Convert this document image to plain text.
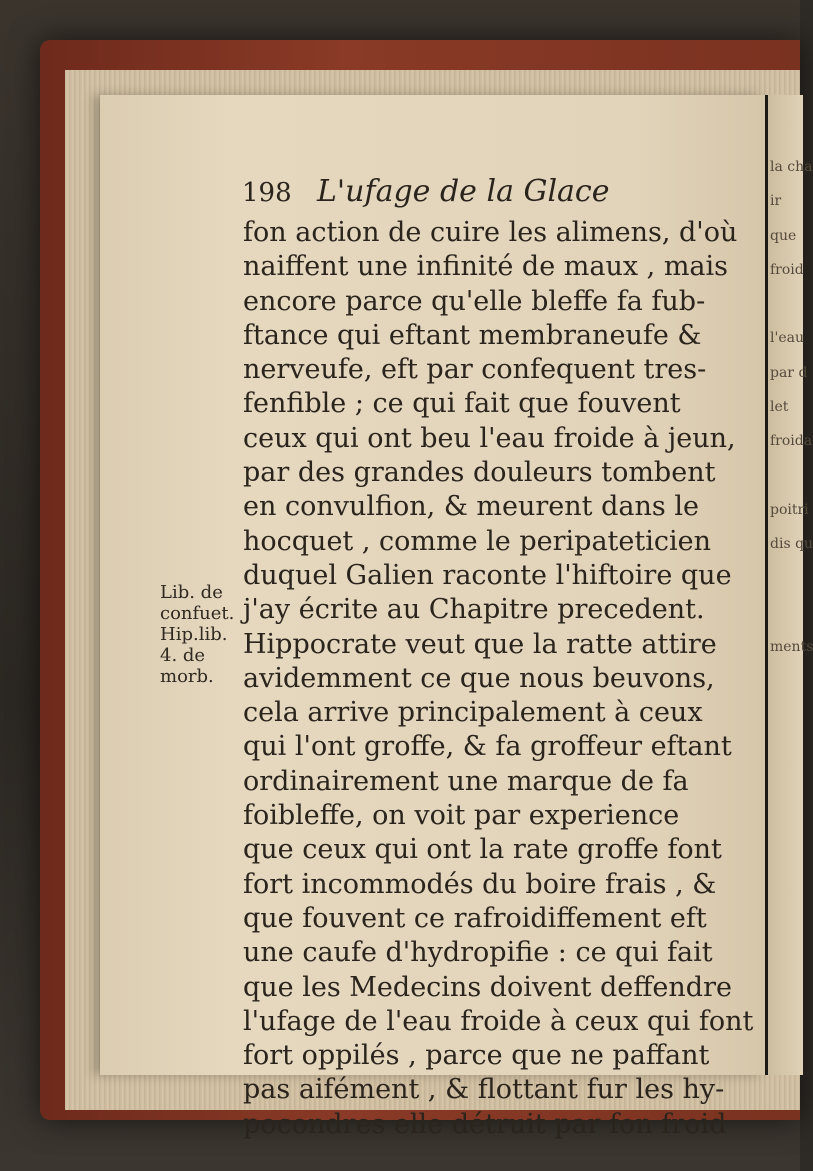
198 L'ufage de la Glace
fon action de cuire les alimens, d'où
naiffent une infinité de maux , mais
encore parce qu'elle bleffe fa fub-
ftance qui eftant membraneufe &
nerveufe, eft par confequent tres-
fenfible ; ce qui fait que fouvent
ceux qui ont beu l'eau froide à jeun,
par des grandes douleurs tombent
en convulfion, & meurent dans le
hocquet , comme le peripateticien
duquel Galien raconte l'hiftoire que
j'ay écrite au Chapitre precedent.
Hippocrate veut que la ratte attire
avidemment ce que nous beuvons,
cela arrive principalement à ceux
qui l'ont groffe, & fa groffeur eftant
ordinairement une marque de fa
foibleffe, on voit par experience
que ceux qui ont la rate groffe font
fort incommodés du boire frais , &
que fouvent ce rafroidiffement eft
une caufe d'hydropifie : ce qui fait
que les Medecins doivent deffendre
l'ufage de l'eau froide à ceux qui font
fort oppilés , parce que ne paffant
pas aifément , & flottant fur les hy-
pocondres elle détruit par fon froid
Lib. de
confuet.
Hip.lib.
4. de
morb.
la cha
ir
que
froid
l'eau
par d
let
froida
poitri
dis qu
ments
